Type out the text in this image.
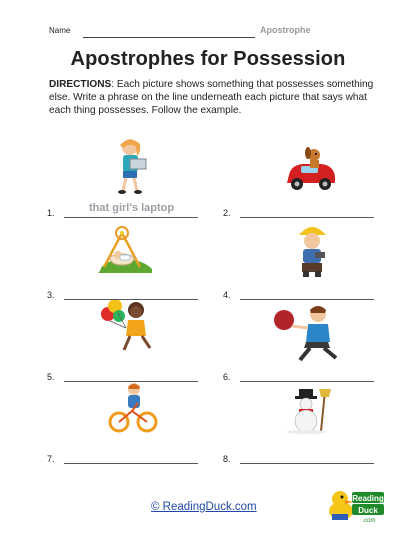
Name	Apostrophe
Apostrophes for Possession
DIRECTIONS: Each picture shows something that possesses something else. Write a phrase on the line underneath each picture that says what each thing possesses. Follow the example.
1.	that girl's laptop	2.
3.	4.
5.	6.
7.	8.
© ReadingDuck.com
Reading
Duck
.com
